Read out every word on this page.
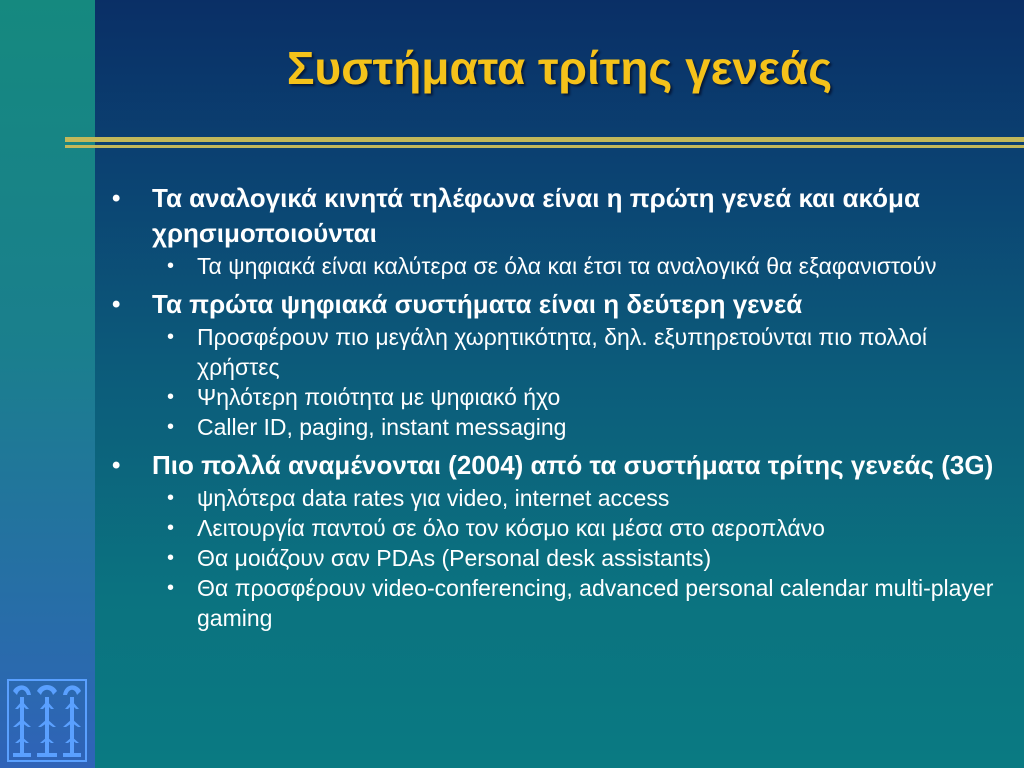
Συστήματα τρίτης γενεάς
• Τα αναλογικά κινητά τηλέφωνα είναι η πρώτη γενεά και ακόμα χρησιμοποιούνται
• Τα ψηφιακά είναι καλύτερα σε όλα και έτσι τα αναλογικά θα εξαφανιστούν
• Τα πρώτα ψηφιακά συστήματα είναι η δεύτερη γενεά
• Προσφέρουν πιο μεγάλη χωρητικότητα, δηλ. εξυπηρετούνται πιο πολλοί χρήστες
• Ψηλότερη ποιότητα με ψηφιακό ήχο
• Caller ID, paging, instant messaging
• Πιο πολλά αναμένονται (2004) από τα συστήματα τρίτης γενεάς (3G)
• ψηλότερα data rates για video, internet access
• Λειτουργία παντού σε όλο τον κόσμο και μέσα στο αεροπλάνο
• Θα μοιάζουν σαν PDAs (Personal desk assistants)
• Θα προσφέρουν video-conferencing, advanced personal calendar multi-player gaming
